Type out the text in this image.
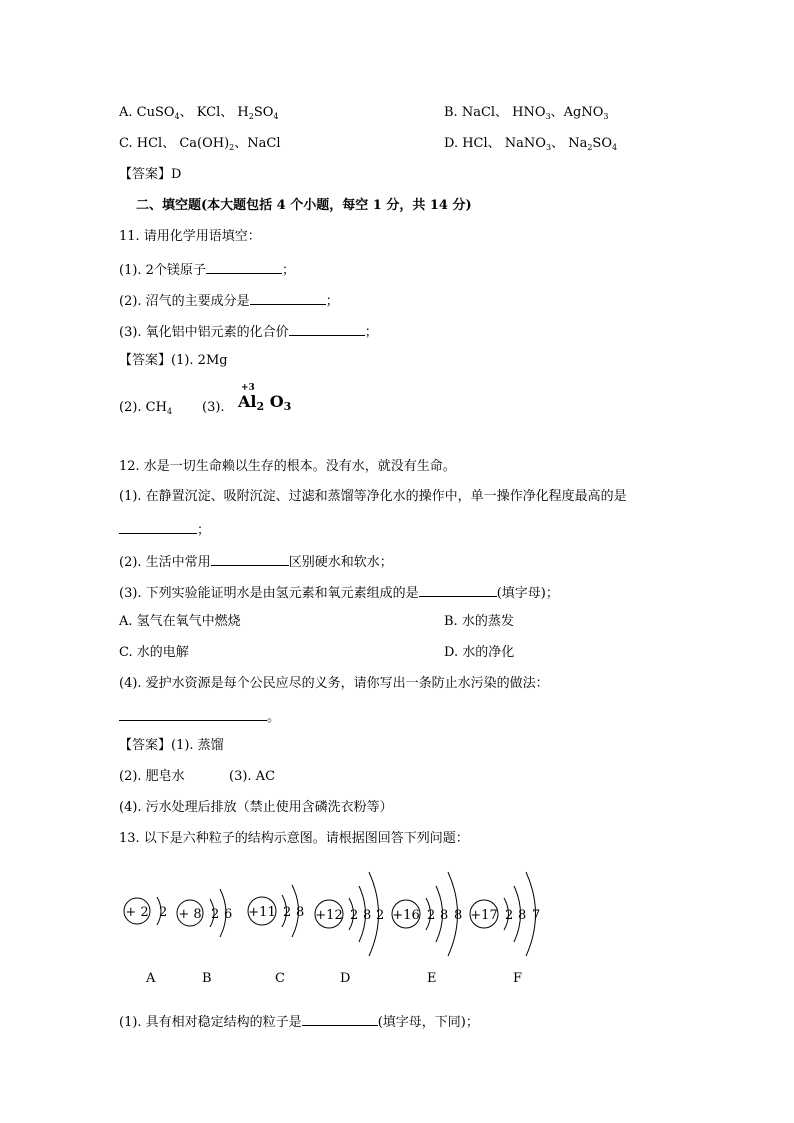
A. CuSO$_4$、 KCl、 $H_2SO_4$	B. NaCl、 $HNO_3$、AgNO$_3$
C. HCl、 $Ca(OH)_2$、NaCl	D. HCl、 NaNO$_3$、 $Na_2SO_4$
【答案】D
二、填空题(本大题包括 4 个小题，每空 1 分，共 14 分)
11. 请用化学用语填空：
(1). 2个镁原子	；
(2). 沼气的主要成分是	；
(3). 氧化铝中铝元素的化合价	；
【答案】(1). 2Mg
(2). $CH_4$ (3).
+3
Al2 O3
12. 水是一切生命赖以生存的根本。没有水，就没有生命。
(1). 在静置沉淀、吸附沉淀、过滤和蒸馏等净化水的操作中，单一操作净化程度最高的是
；
(2). 生活中常用	区别硬水和软水；
(3). 下列实验能证明水是由氢元素和氧元素组成的是	(填字母)；
A. 氢气在氧气中燃烧	B. 水的蒸发
C. 水的电解	D. 水的净化
(4). 爱护水资源是每个公民应尽的义务，请你写出一条防止水污染的做法：
。
【答案】(1). 蒸馏
(2). 肥皂水	(3). AC
(4). 污水处理后排放（禁止使用含磷洗衣粉等）
13. 以下是六种粒子的结构示意图。请根据图回答下列问题：
+ 2 2 + 8 2 6 +11 2 8 +12 2 8 2 +16 2 8 8 +17 2 8 7
A	B	C	D	E	F
(1). 具有相对稳定结构的粒子是	(填字母，下同)；
